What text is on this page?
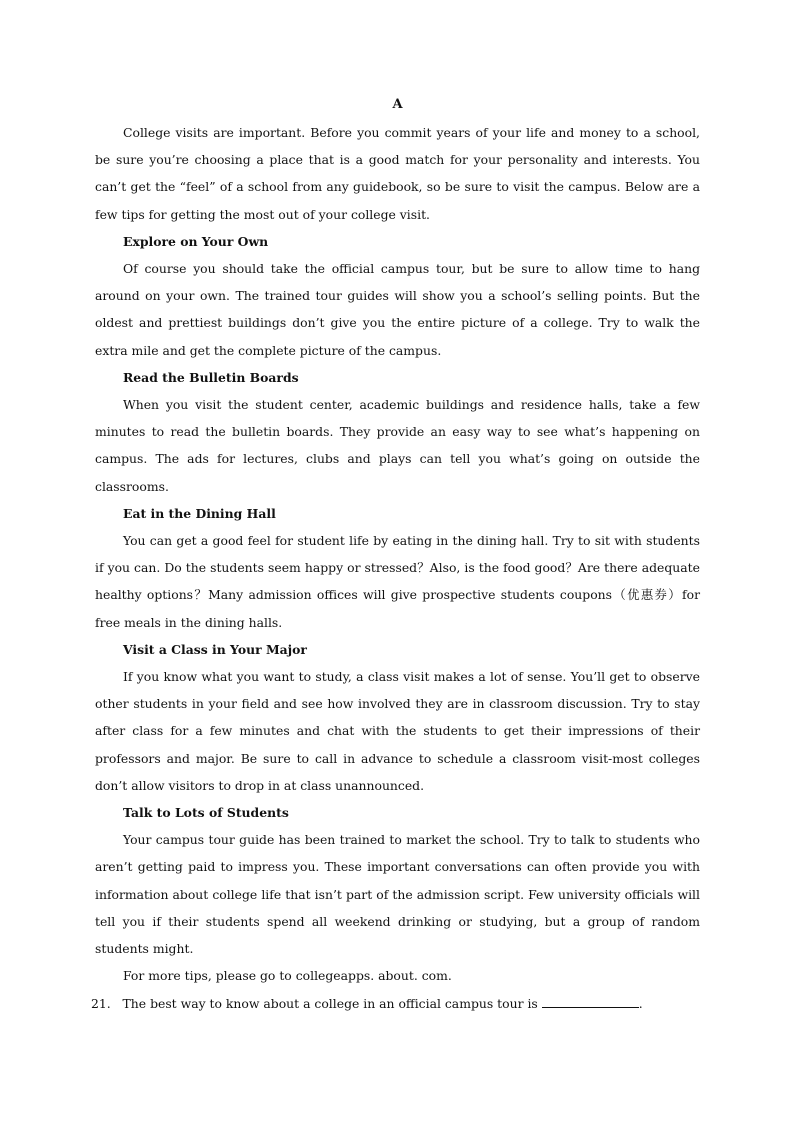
A

College visits are important. Before you commit years of your life and money to a school, be sure you’re choosing a place that is a good match for your personality and interests. You can’t get the “feel” of a school from any guidebook, so be sure to visit the campus. Below are a few tips for getting the most out of your college visit.

Explore on Your Own

Of course you should take the official campus tour, but be sure to allow time to hang around on your own. The trained tour guides will show you a school’s selling points. But the oldest and prettiest buildings don’t give you the entire picture of a college. Try to walk the extra mile and get the complete picture of the campus.

Read the Bulletin Boards

When you visit the student center, academic buildings and residence halls, take a few minutes to read the bulletin boards. They provide an easy way to see what’s happening on campus. The ads for lectures, clubs and plays can tell you what’s going on outside the classrooms.

Eat in the Dining Hall

You can get a good feel for student life by eating in the dining hall. Try to sit with students if you can. Do the students seem happy or stressed？Also, is the food good？Are there adequate healthy options？Many admission offices will give prospective students coupons（优惠券）for free meals in the dining halls.

Visit a Class in Your Major

If you know what you want to study, a class visit makes a lot of sense. You’ll get to observe other students in your field and see how involved they are in classroom discussion. Try to stay after class for a few minutes and chat with the students to get their impressions of their professors and major. Be sure to call in advance to schedule a classroom visit-most colleges don’t allow visitors to drop in at class unannounced.

Talk to Lots of Students

Your campus tour guide has been trained to market the school. Try to talk to students who aren’t getting paid to impress you. These important conversations can often provide you with information about college life that isn’t part of the admission script. Few university officials will tell you if their students spend all weekend drinking or studying, but a group of random students might.

For more tips, please go to collegeapps. about. com.

21. The best way to know about a college in an official campus tour is	.
